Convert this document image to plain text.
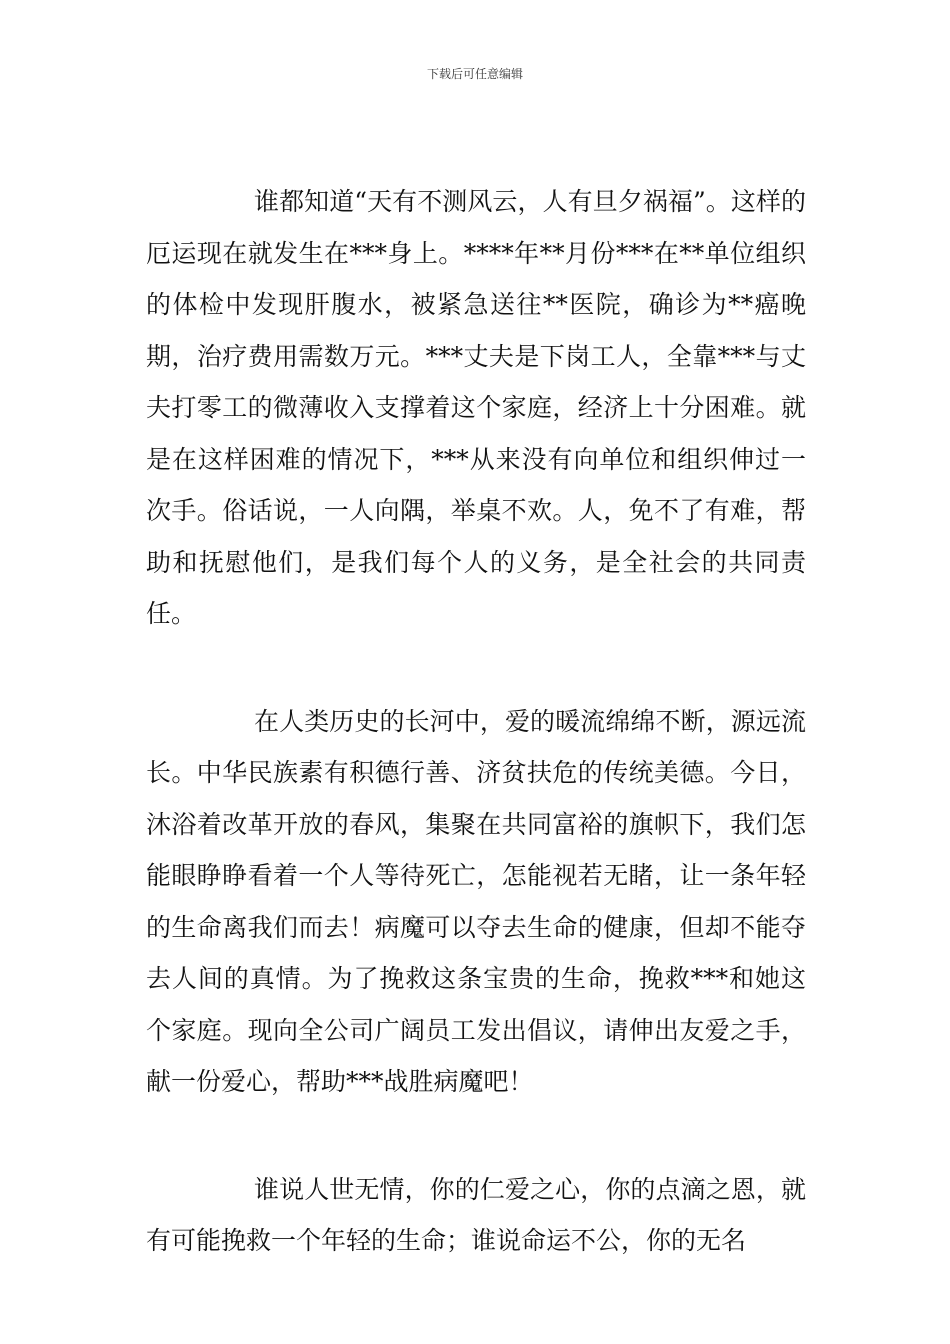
下载后可任意编辑

谁都知道“天有不测风云，人有旦夕祸福”。这样的厄运现在就发生在***身上。****年**月份***在**单位组织的体检中发现肝腹水，被紧急送往**医院，确诊为**癌晚期，治疗费用需数万元。***丈夫是下岗工人，全靠***与丈夫打零工的微薄收入支撑着这个家庭，经济上十分困难。就是在这样困难的情况下，***从来没有向单位和组织伸过一次手。俗话说，一人向隅，举桌不欢。人，免不了有难，帮助和抚慰他们，是我们每个人的义务，是全社会的共同责任。

在人类历史的长河中，爱的暖流绵绵不断，源远流长。中华民族素有积德行善、济贫扶危的传统美德。今日，沐浴着改革开放的春风，集聚在共同富裕的旗帜下，我们怎能眼睁睁看着一个人等待死亡，怎能视若无睹，让一条年轻的生命离我们而去！病魔可以夺去生命的健康，但却不能夺去人间的真情。为了挽救这条宝贵的生命，挽救***和她这个家庭。现向全公司广阔员工发出倡议，请伸出友爱之手，献一份爱心，帮助***战胜病魔吧！

谁说人世无情，你的仁爱之心，你的点滴之恩，就有可能挽救一个年轻的生命；谁说命运不公，你的无名
